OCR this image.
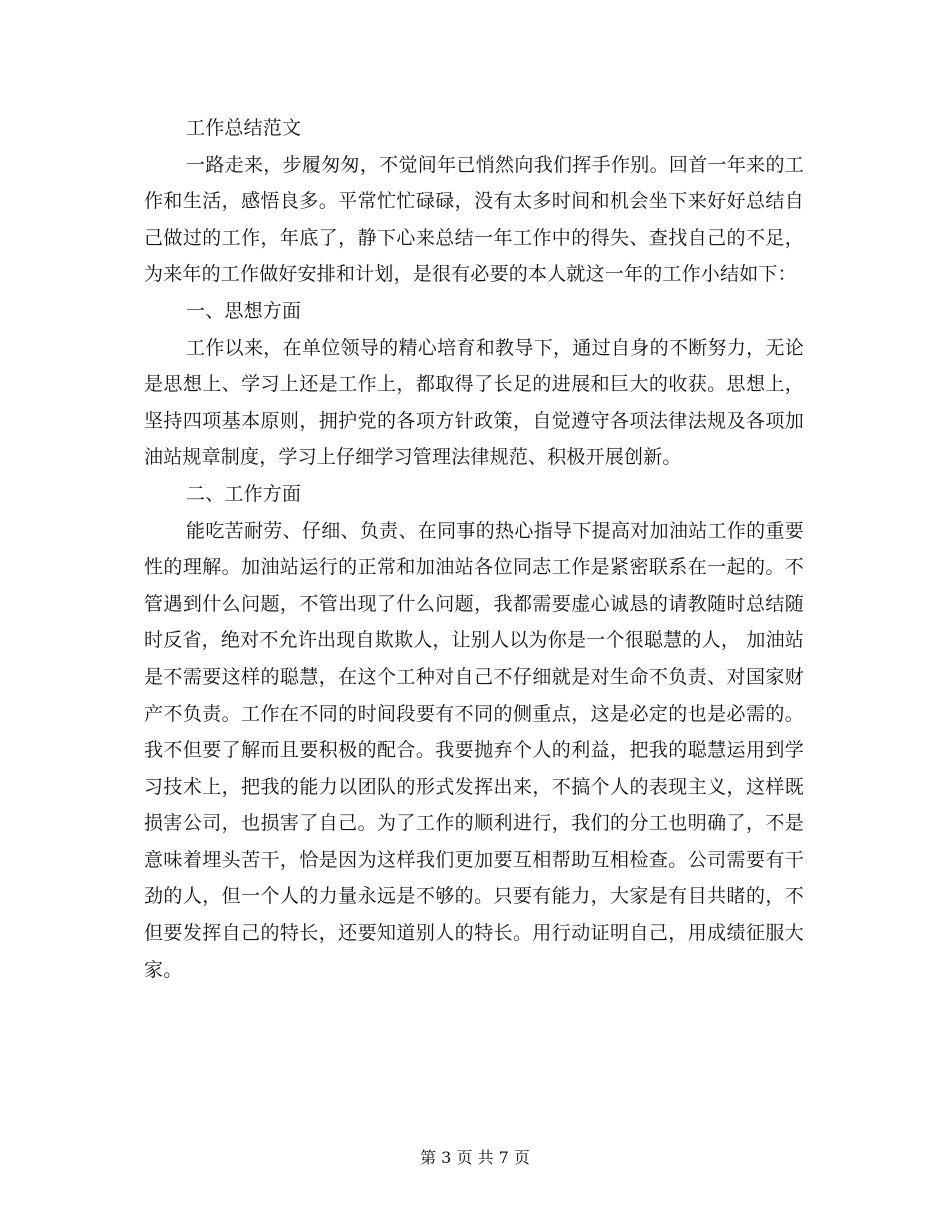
工作总结范文

一路走来，步履匆匆，不觉间年已悄然向我们挥手作别。回首一年来的工作和生活，感悟良多。平常忙忙碌碌，没有太多时间和机会坐下来好好总结自己做过的工作，年底了，静下心来总结一年工作中的得失、查找自己的不足，为来年的工作做好安排和计划，是很有必要的本人就这一年的工作小结如下：

一、思想方面

工作以来，在单位领导的精心培育和教导下，通过自身的不断努力，无论是思想上、学习上还是工作上，都取得了长足的进展和巨大的收获。思想上，坚持四项基本原则，拥护党的各项方针政策，自觉遵守各项法律法规及各项加油站规章制度，学习上仔细学习管理法律规范、积极开展创新。

二、工作方面

能吃苦耐劳、仔细、负责、在同事的热心指导下提高对加油站工作的重要性的理解。加油站运行的正常和加油站各位同志工作是紧密联系在一起的。不管遇到什么问题，不管出现了什么问题，我都需要虚心诚恳的请教随时总结随时反省，绝对不允许出现自欺欺人，让别人以为你是一个很聪慧的人， 加油站是不需要这样的聪慧，在这个工种对自己不仔细就是对生命不负责、对国家财产不负责。工作在不同的时间段要有不同的侧重点，这是必定的也是必需的。我不但要了解而且要积极的配合。我要抛弃个人的利益，把我的聪慧运用到学习技术上，把我的能力以团队的形式发挥出来，不搞个人的表现主义，这样既损害公司，也损害了自己。为了工作的顺利进行，我们的分工也明确了，不是意味着埋头苦干，恰是因为这样我们更加要互相帮助互相检查。公司需要有干劲的人，但一个人的力量永远是不够的。只要有能力，大家是有目共睹的，不但要发挥自己的特长，还要知道别人的特长。用行动证明自己，用成绩征服大家。

第 3 页 共 7 页
